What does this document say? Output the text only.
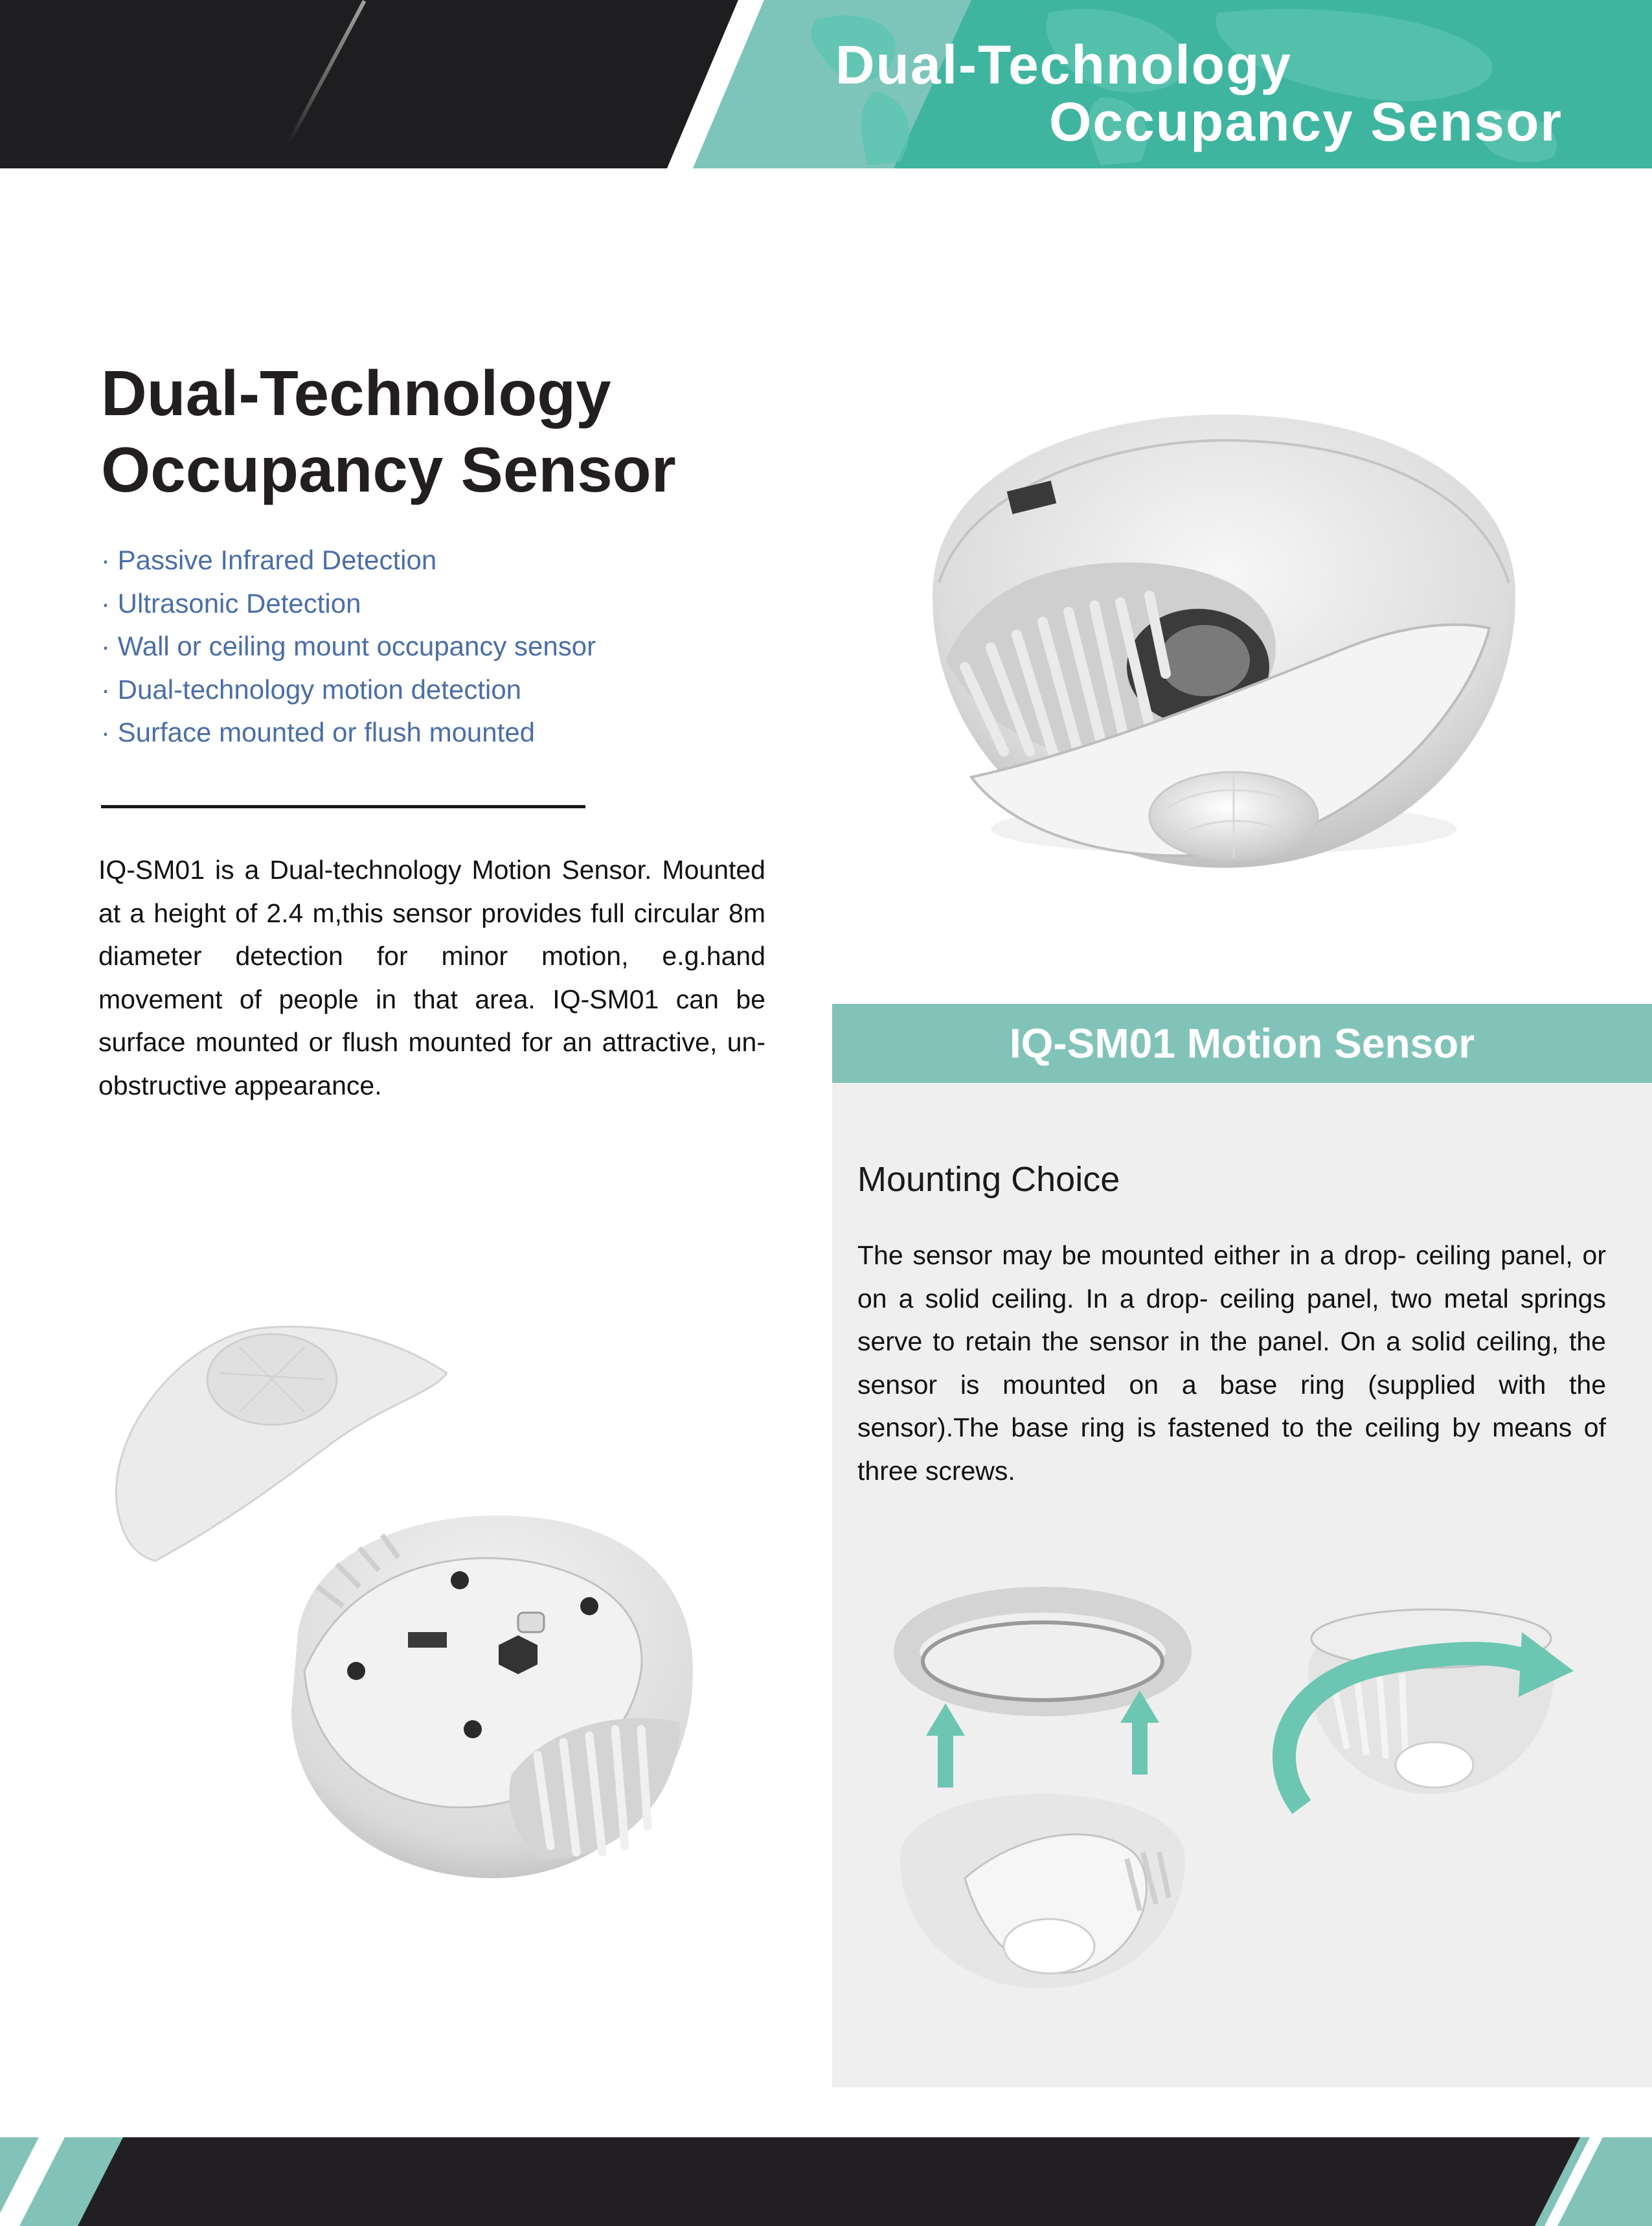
Dual-Technology
Occupancy Sensor
Dual-Technology
Occupancy Sensor
· Passive Infrared Detection
· Ultrasonic Detection
· Wall or ceiling mount occupancy sensor
· Dual-technology motion detection
· Surface mounted or flush mounted

IQ-SM01 is a Dual-technology Motion Sensor. Mounted at a height of 2.4 m,this sensor provides full circular 8m diameter detection for minor motion, e.g.hand movement of people in that area. IQ-SM01 can be surface mounted or flush mounted for an attractive, un-obstructive appearance.

IQ-SM01 Motion Sensor
Mounting Choice

The sensor may be mounted either in a drop- ceiling panel, or on a solid ceiling. In a drop- ceiling panel, two metal springs serve to retain the sensor in the panel. On a solid ceiling, the sensor is mounted on a base ring (supplied with the sensor).The base ring is fastened to the ceiling by means of three screws.
